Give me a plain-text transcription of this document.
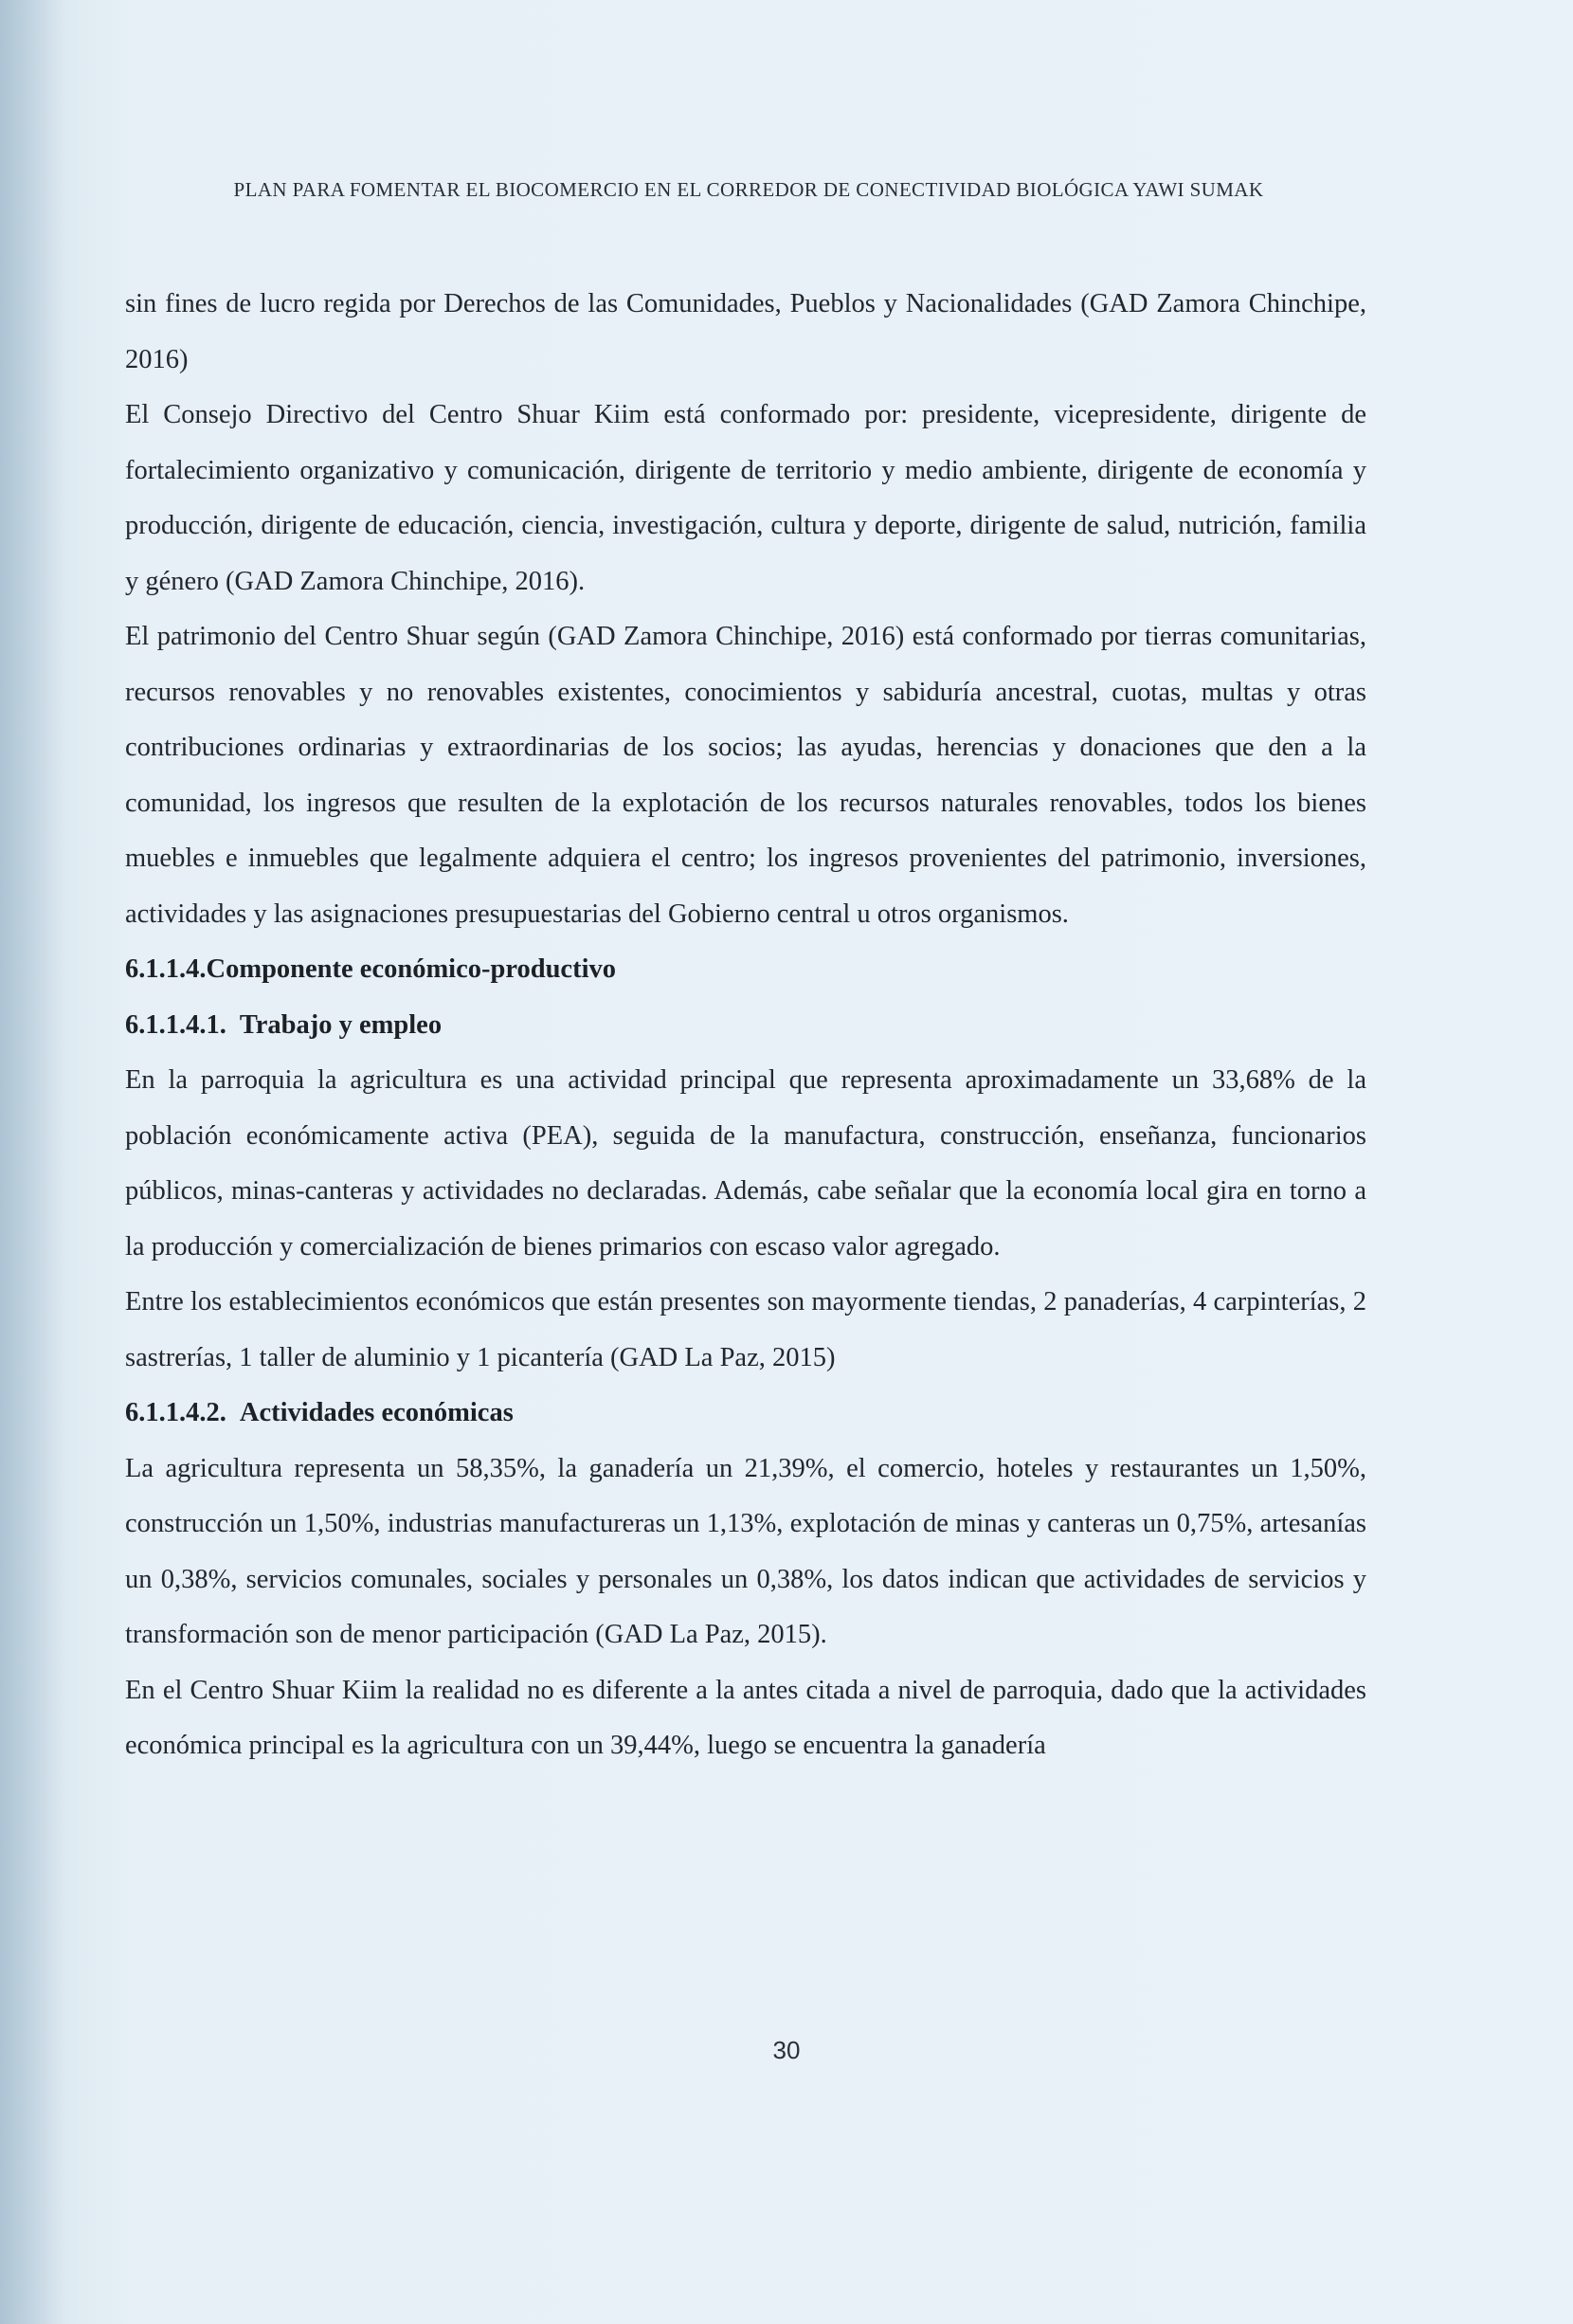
PLAN PARA FOMENTAR EL BIOCOMERCIO EN EL CORREDOR DE CONECTIVIDAD BIOLÓGICA YAWI SUMAK

sin fines de lucro regida por Derechos de las Comunidades, Pueblos y Nacionalidades (GAD Zamora Chinchipe, 2016)

El Consejo Directivo del Centro Shuar Kiim está conformado por: presidente, vicepresidente, dirigente de fortalecimiento organizativo y comunicación, dirigente de territorio y medio ambiente, dirigente de economía y producción, dirigente de educación, ciencia, investigación, cultura y deporte, dirigente de salud, nutrición, familia y género (GAD Zamora Chinchipe, 2016).

El patrimonio del Centro Shuar según (GAD Zamora Chinchipe, 2016) está conformado por tierras comunitarias, recursos renovables y no renovables existentes, conocimientos y sabiduría ancestral, cuotas, multas y otras contribuciones ordinarias y extraordinarias de los socios; las ayudas, herencias y donaciones que den a la comunidad, los ingresos que resulten de la explotación de los recursos naturales renovables, todos los bienes muebles e inmuebles que legalmente adquiera el centro; los ingresos provenientes del patrimonio, inversiones, actividades y las asignaciones presupuestarias del Gobierno central u otros organismos.

6.1.1.4.Componente económico-productivo
6.1.1.4.1. Trabajo y empleo

En la parroquia la agricultura es una actividad principal que representa aproximadamente un 33,68% de la población económicamente activa (PEA), seguida de la manufactura, construcción, enseñanza, funcionarios públicos, minas-canteras y actividades no declaradas. Además, cabe señalar que la economía local gira en torno a la producción y comercialización de bienes primarios con escaso valor agregado.

Entre los establecimientos económicos que están presentes son mayormente tiendas, 2 panaderías, 4 carpinterías, 2 sastrerías, 1 taller de aluminio y 1 picantería (GAD La Paz, 2015)

6.1.1.4.2. Actividades económicas

La agricultura representa un 58,35%, la ganadería un 21,39%, el comercio, hoteles y restaurantes un 1,50%, construcción un 1,50%, industrias manufactureras un 1,13%, explotación de minas y canteras un 0,75%, artesanías un 0,38%, servicios comunales, sociales y personales un 0,38%, los datos indican que actividades de servicios y transformación son de menor participación (GAD La Paz, 2015).

En el Centro Shuar Kiim la realidad no es diferente a la antes citada a nivel de parroquia, dado que la actividades económica principal es la agricultura con un 39,44%, luego se encuentra la ganadería

30
